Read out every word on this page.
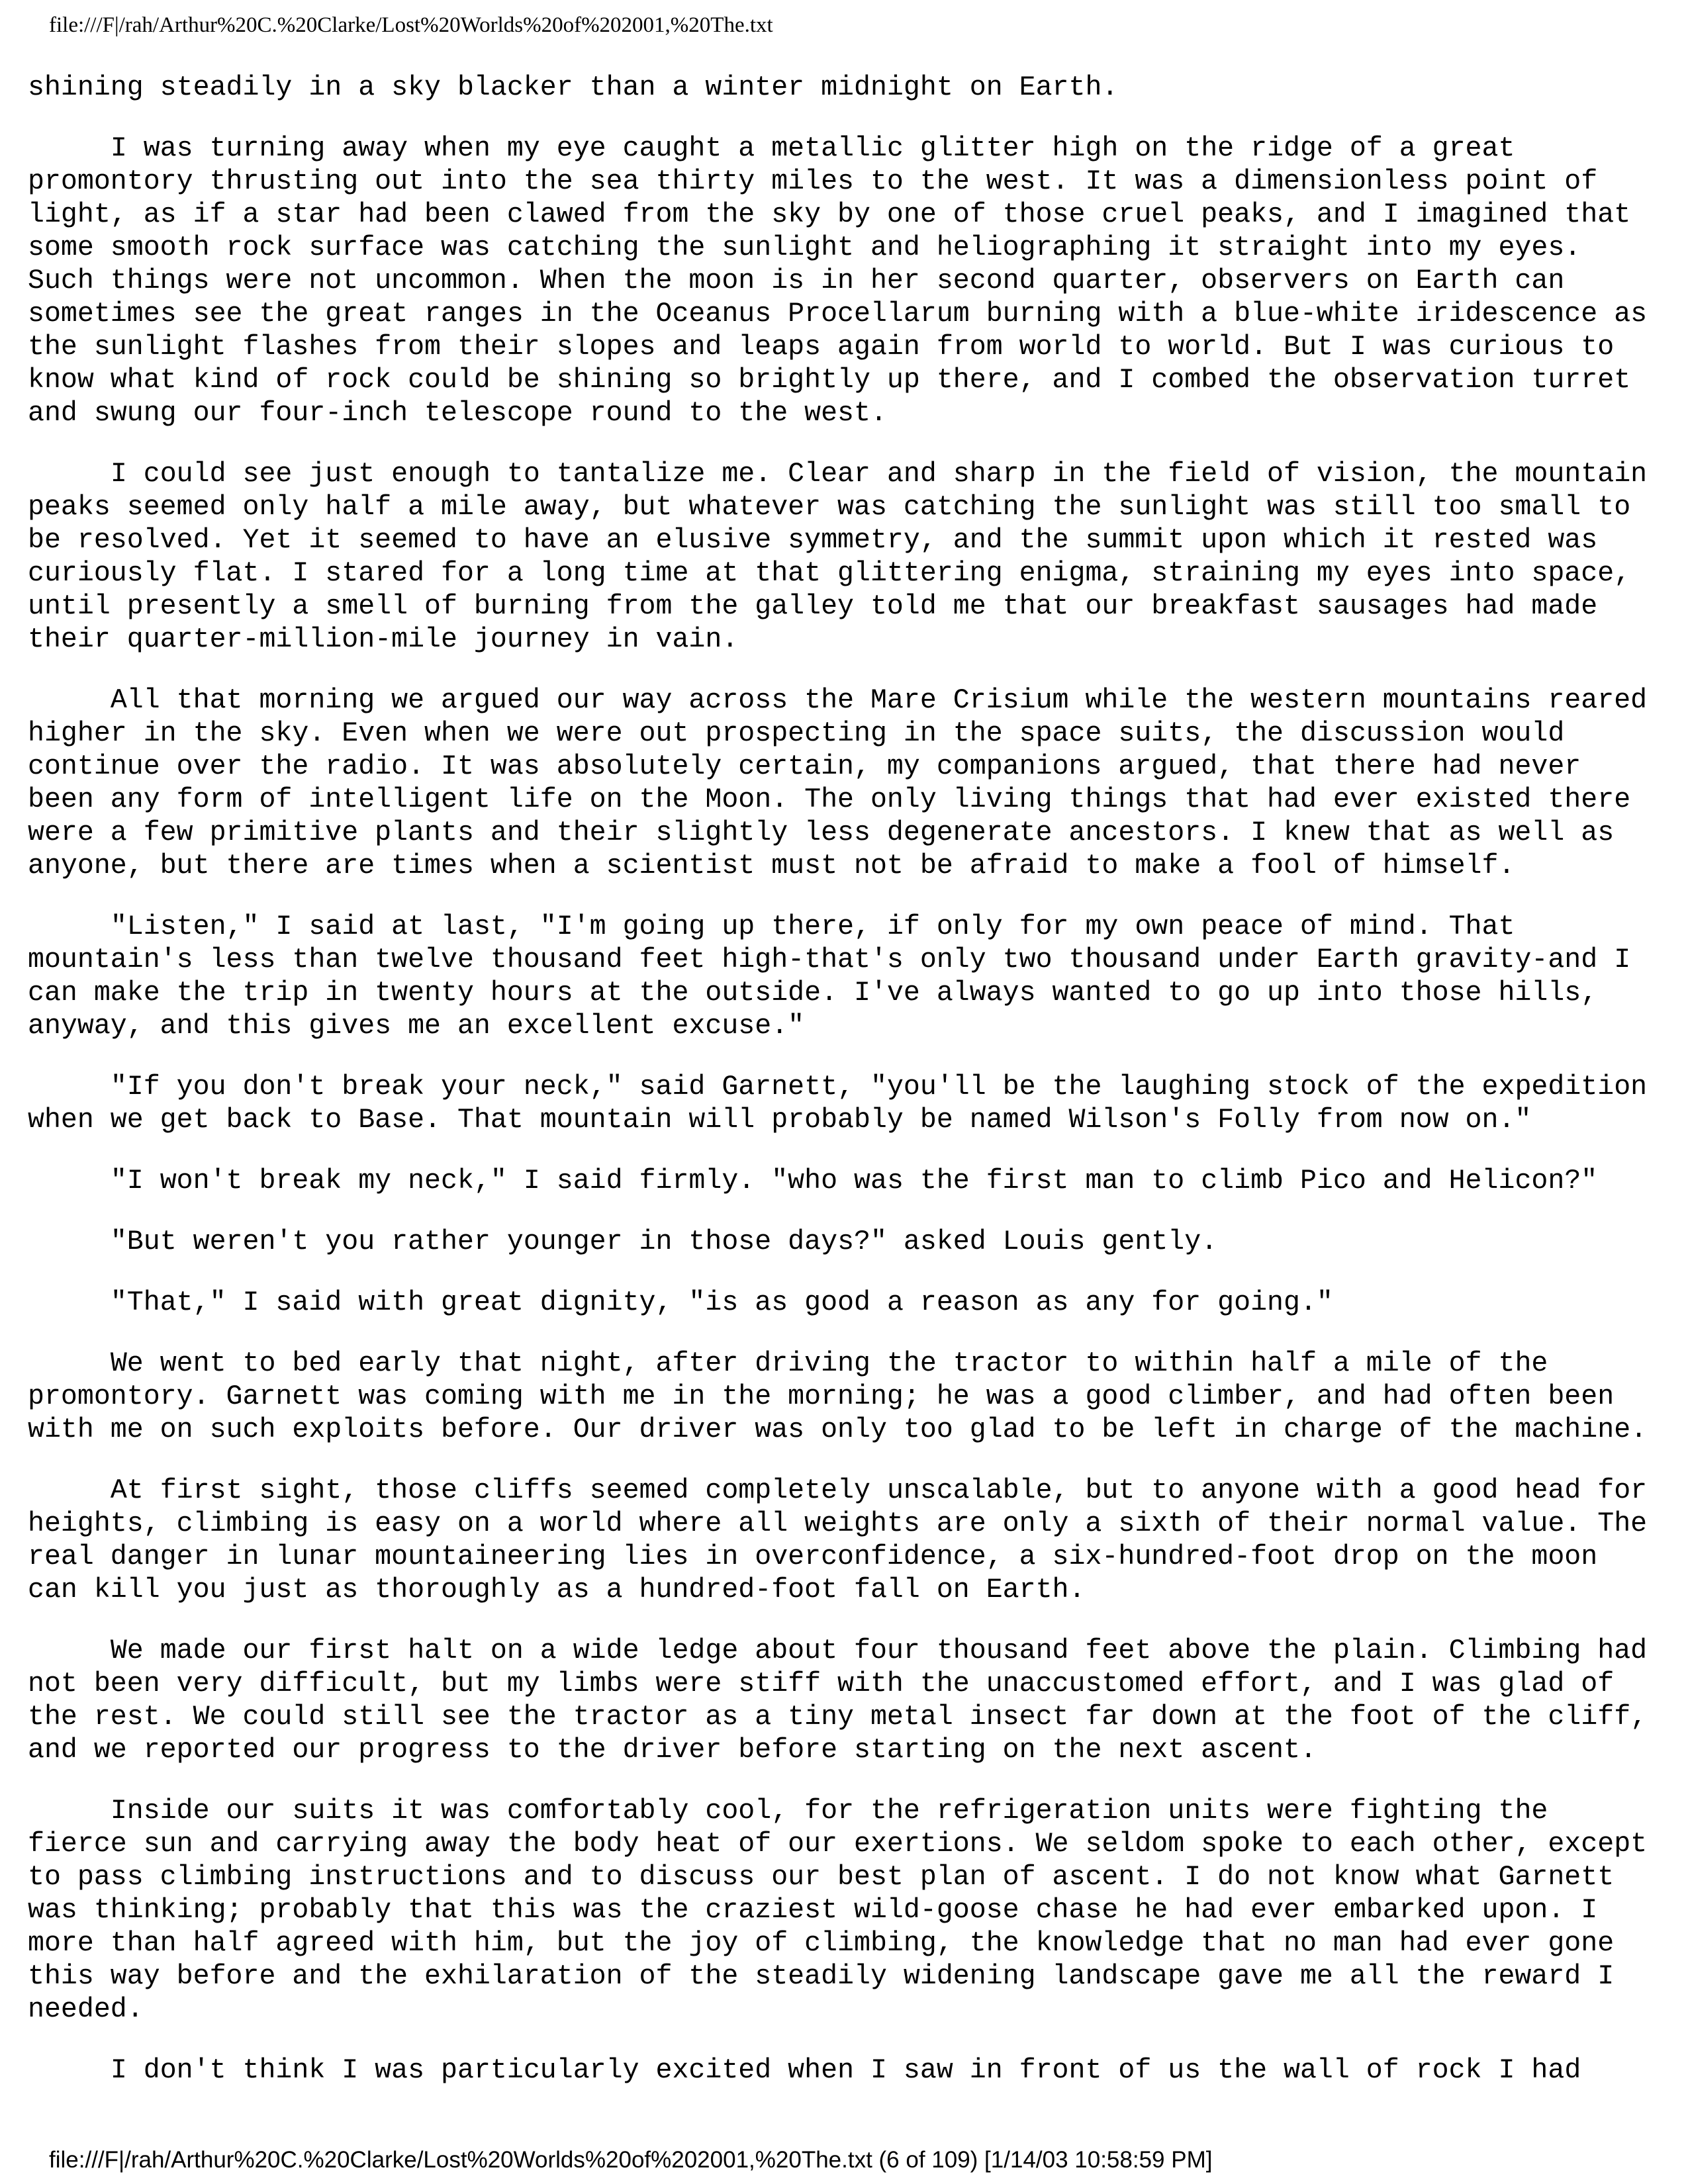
file:///F|/rah/Arthur%20C.%20Clarke/Lost%20Worlds%20of%202001,%20The.txt

shining steadily in a sky blacker than a winter midnight on Earth.

I was turning away when my eye caught a metallic glitter high on the ridge of a great
promontory thrusting out into the sea thirty miles to the west. It was a dimensionless point of
light, as if a star had been clawed from the sky by one of those cruel peaks, and I imagined that
some smooth rock surface was catching the sunlight and heliographing it straight into my eyes.
Such things were not uncommon. When the moon is in her second quarter, observers on Earth can
sometimes see the great ranges in the Oceanus Procellarum burning with a blue-white iridescence as
the sunlight flashes from their slopes and leaps again from world to world. But I was curious to
know what kind of rock could be shining so brightly up there, and I combed the observation turret
and swung our four-inch telescope round to the west.

I could see just enough to tantalize me. Clear and sharp in the field of vision, the mountain
peaks seemed only half a mile away, but whatever was catching the sunlight was still too small to
be resolved. Yet it seemed to have an elusive symmetry, and the summit upon which it rested was
curiously flat. I stared for a long time at that glittering enigma, straining my eyes into space,
until presently a smell of burning from the galley told me that our breakfast sausages had made
their quarter-million-mile journey in vain.

All that morning we argued our way across the Mare Crisium while the western mountains reared
higher in the sky. Even when we were out prospecting in the space suits, the discussion would
continue over the radio. It was absolutely certain, my companions argued, that there had never
been any form of intelligent life on the Moon. The only living things that had ever existed there
were a few primitive plants and their slightly less degenerate ancestors. I knew that as well as
anyone, but there are times when a scientist must not be afraid to make a fool of himself.

"Listen," I said at last, "I'm going up there, if only for my own peace of mind. That
mountain's less than twelve thousand feet high-that's only two thousand under Earth gravity-and I
can make the trip in twenty hours at the outside. I've always wanted to go up into those hills,
anyway, and this gives me an excellent excuse."

"If you don't break your neck," said Garnett, "you'll be the laughing stock of the expedition
when we get back to Base. That mountain will probably be named Wilson's Folly from now on."

"I won't break my neck," I said firmly. "who was the first man to climb Pico and Helicon?"

"But weren't you rather younger in those days?" asked Louis gently.

"That," I said with great dignity, "is as good a reason as any for going."

We went to bed early that night, after driving the tractor to within half a mile of the
promontory. Garnett was coming with me in the morning; he was a good climber, and had often been
with me on such exploits before. Our driver was only too glad to be left in charge of the machine.

At first sight, those cliffs seemed completely unscalable, but to anyone with a good head for
heights, climbing is easy on a world where all weights are only a sixth of their normal value. The
real danger in lunar mountaineering lies in overconfidence, a six-hundred-foot drop on the moon
can kill you just as thoroughly as a hundred-foot fall on Earth.

We made our first halt on a wide ledge about four thousand feet above the plain. Climbing had
not been very difficult, but my limbs were stiff with the unaccustomed effort, and I was glad of
the rest. We could still see the tractor as a tiny metal insect far down at the foot of the cliff,
and we reported our progress to the driver before starting on the next ascent.

Inside our suits it was comfortably cool, for the refrigeration units were fighting the
fierce sun and carrying away the body heat of our exertions. We seldom spoke to each other, except
to pass climbing instructions and to discuss our best plan of ascent. I do not know what Garnett
was thinking; probably that this was the craziest wild-goose chase he had ever embarked upon. I
more than half agreed with him, but the joy of climbing, the knowledge that no man had ever gone
this way before and the exhilaration of the steadily widening landscape gave me all the reward I
needed.

I don't think I was particularly excited when I saw in front of us the wall of rock I had

file:///F|/rah/Arthur%20C.%20Clarke/Lost%20Worlds%20of%202001,%20The.txt (6 of 109) [1/14/03 10:58:59 PM]
